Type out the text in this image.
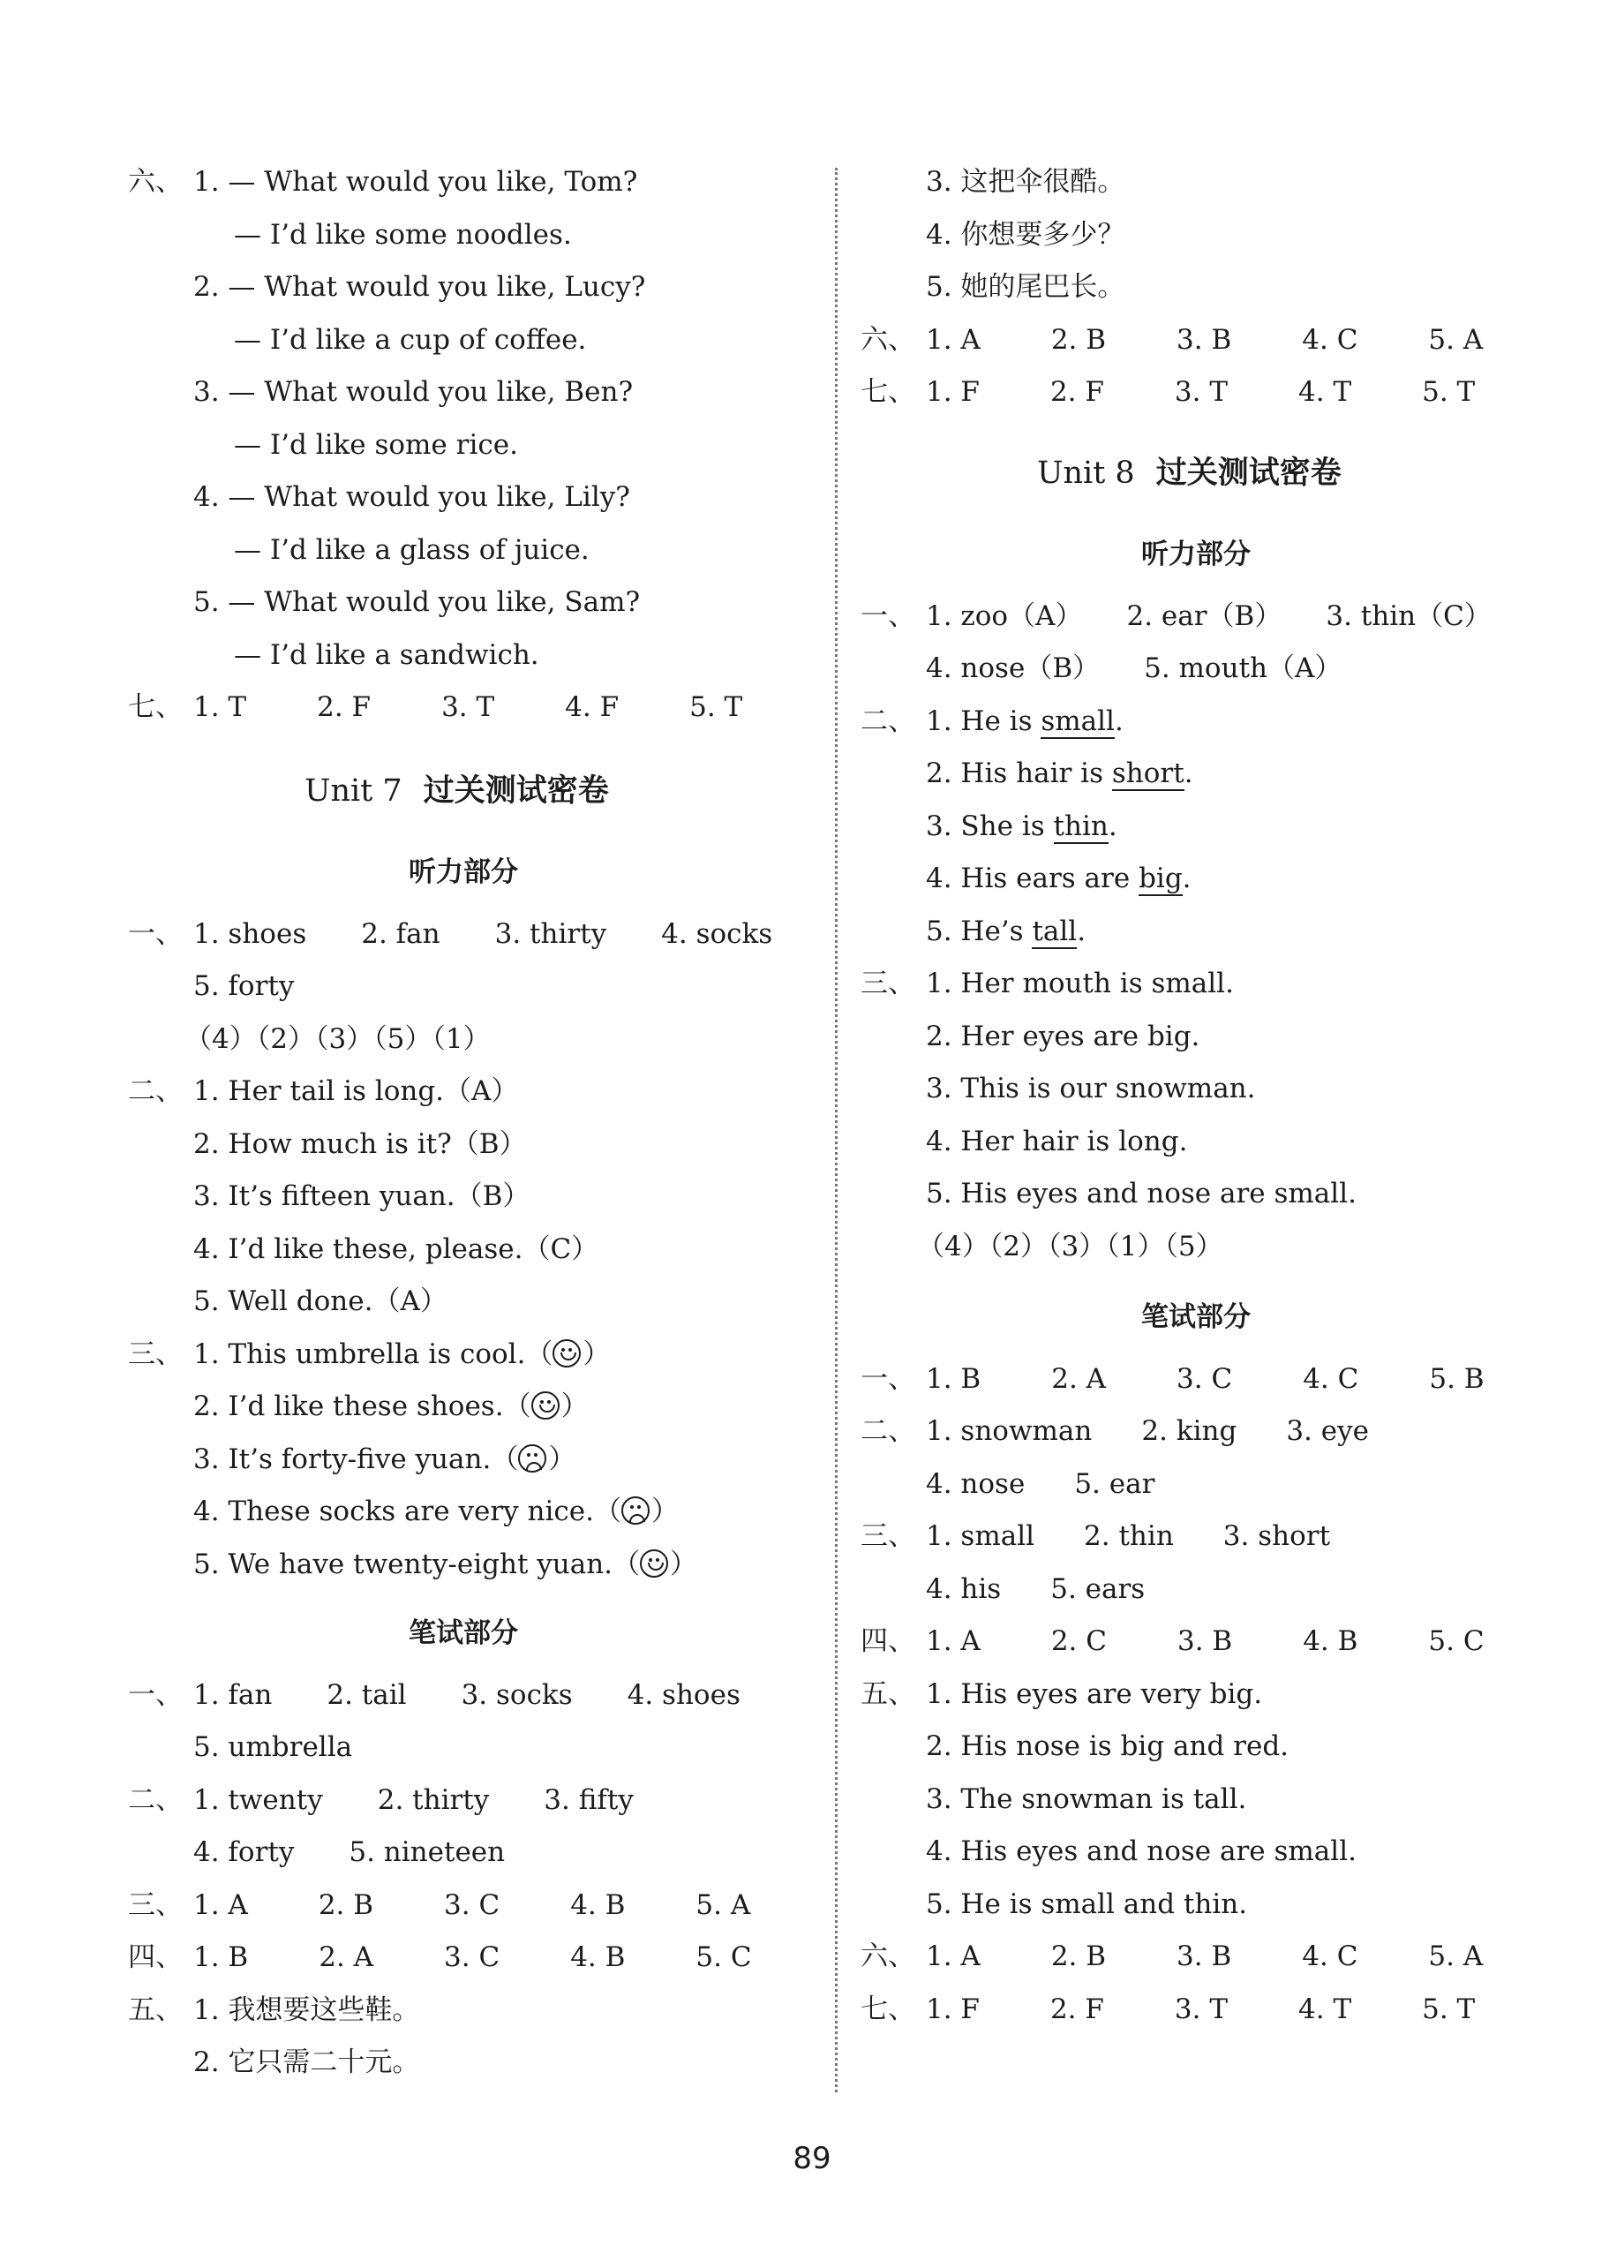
六、 1. — What would you like, Tom?
— I’d like some noodles.
2. — What would you like, Lucy?
— I’d like a cup of coffee.
3. — What would you like, Ben?
— I’d like some rice.
4. — What would you like, Lily?
— I’d like a glass of juice.
5. — What would you like, Sam?
— I’d like a sandwich.
七、 1. T	2. F	3. T	4. F	5. T
Unit 7 过关测试密卷
听力部分
一、 1. shoes 2. fan 3. thirty 4. socks
5. forty
（4）（2）（3）（5）（1）
二、 1. Her tail is long.（A）
2. How much is it?（B）
3. It’s fifteen yuan.（B）
4. I’d like these, please.（C）
5. Well done.（A）
三、 1. This umbrella is cool.（ ）
2. I’d like these shoes.（ ）
3. It’s forty-five yuan.（ ）
4. These socks are very nice.（ ）
5. We have twenty-eight yuan.（ ）
笔试部分
一、 1. fan 2. tail 3. socks 4. shoes
5. umbrella
二、 1. twenty 2. thirty 3. fifty
4. forty 5. nineteen
三、 1. A	2. B	3. C	4. B	5. A
四、 1. B	2. A	3. C	4. B	5. C
五、 1. 我想要这些鞋。
2. 它只需二十元。
3. 这把伞很酷。
4. 你想要多少？
5. 她的尾巴长。
六、 1. A	2. B	3. B	4. C	5. A
七、 1. F	2. F	3. T	4. T	5. T
Unit 8 过关测试密卷
听力部分
一、 1. zoo（A） 2. ear（B） 3. thin（C）
4. nose（B） 5. mouth（A）
二、 1. He is small.
2. His hair is short.
3. She is thin.
4. His ears are big.
5. He’s tall.
三、 1. Her mouth is small.
2. Her eyes are big.
3. This is our snowman.
4. Her hair is long.
5. His eyes and nose are small.
（4）（2）（3）（1）（5）
笔试部分
一、 1. B	2. A	3. C	4. C	5. B
二、 1. snowman 2. king 3. eye
4. nose 5. ear
三、 1. small 2. thin 3. short
4. his 5. ears
四、 1. A	2. C	3. B	4. B	5. C
五、 1. His eyes are very big.
2. His nose is big and red.
3. The snowman is tall.
4. His eyes and nose are small.
5. He is small and thin.
六、 1. A	2. B	3. B	4. C	5. A
七、 1. F	2. F	3. T	4. T	5. T
89
